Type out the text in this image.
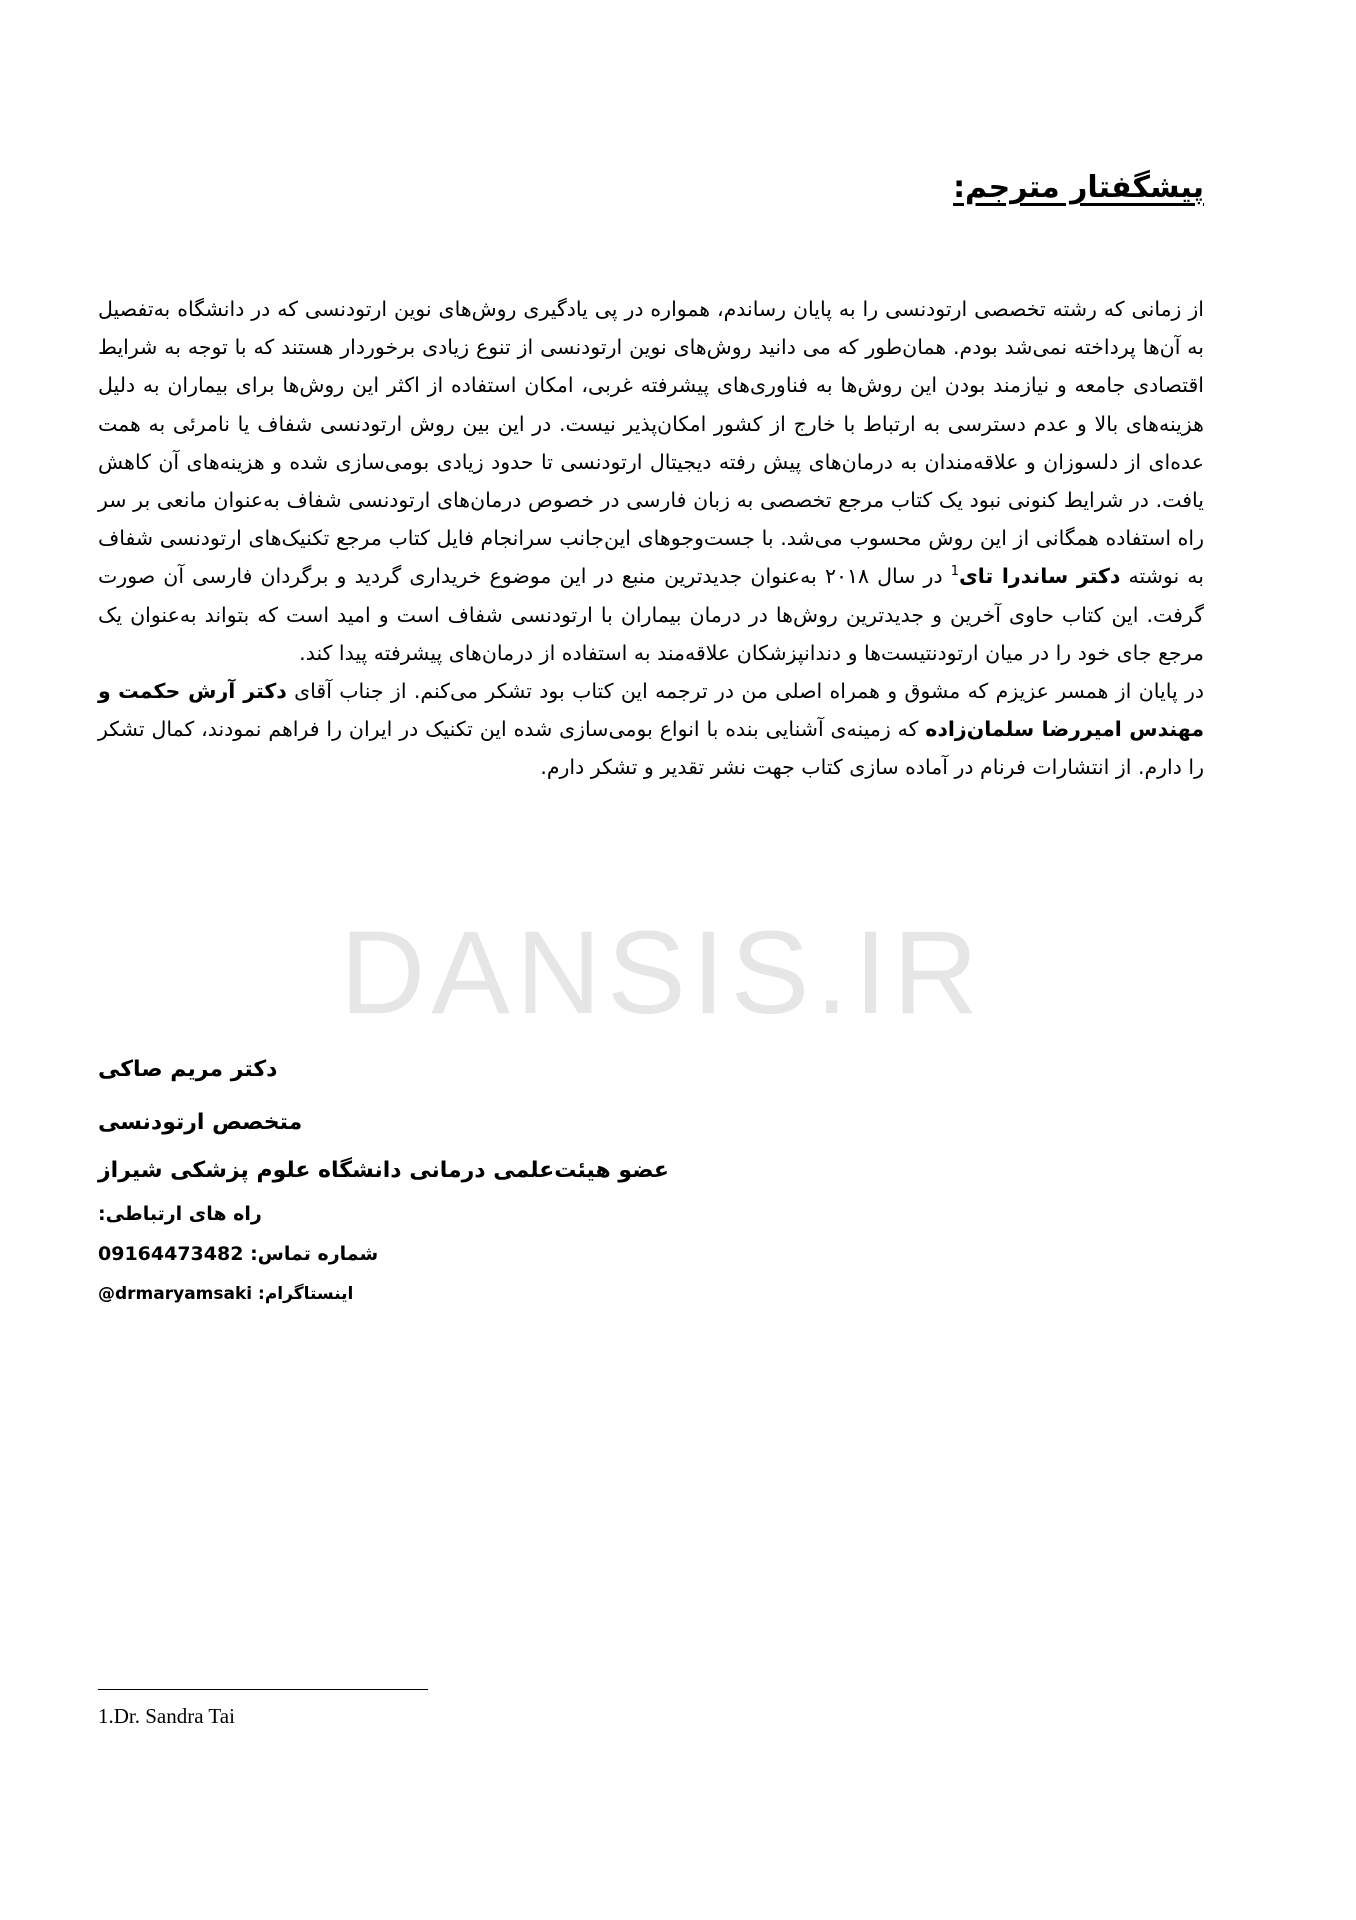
DANSIS.IR
پیشگفتار مترجم:

از زمانی که رشته تخصصی ارتودنسی را به پایان رساندم، همواره در پی یادگیری روش‌های نوین ارتودنسی که در دانشگاه به‌تفصیل به آن‌ها پرداخته نمی‌شد بودم. همان‌طور که می دانید روش‌های نوین ارتودنسی از تنوع زیادی برخوردار هستند که با توجه به شرایط اقتصادی جامعه و نیازمند بودن این روش‌ها به فناوری‌های پیشرفته غربی، امکان استفاده از اکثر این روش‌ها برای بیماران به دلیل هزینه‌های بالا و عدم دسترسی به ارتباط با خارج از کشور امکان‌پذیر نیست. در این بین روش ارتودنسی شفاف یا نامرئی به همت عده‌ای از دلسوزان و علاقه‌مندان به درمان‌های پیش رفته دیجیتال ارتودنسی تا حدود زیادی بومی‌سازی شده و هزینه‌های آن کاهش یافت. در شرایط کنونی نبود یک کتاب مرجع تخصصی به زبان فارسی در خصوص درمان‌های ارتودنسی شفاف به‌عنوان مانعی بر سر راه استفاده همگانی از این روش محسوب می‌شد. با جست‌وجوهای این‌جانب سرانجام فایل کتاب مرجع تکنیک‌های ارتودنسی شفاف به نوشته دکتر ساندرا تای$^1$ در سال ۲۰۱۸ به‌عنوان جدیدترین منبع در این موضوع خریداری گردید و برگردان فارسی آن صورت گرفت. این کتاب حاوی آخرین و جدیدترین روش‌ها در درمان بیماران با ارتودنسی شفاف است و امید است که بتواند به‌عنوان یک مرجع جای خود را در میان ارتودنتیست‌ها و دندانپزشکان علاقه‌مند به استفاده از درمان‌های پیشرفته پیدا کند.

در پایان از همسر عزیزم که مشوق و همراه اصلی من در ترجمه این کتاب بود تشکر می‌کنم. از جناب آقای دکتر آرش حکمت و مهندس امیررضا سلمان‌زاده که زمینه‌ی آشنایی بنده با انواع بومی‌سازی شده این تکنیک در ایران را فراهم نمودند، کمال تشکر را دارم. از انتشارات فرنام در آماده سازی کتاب جهت نشر تقدیر و تشکر دارم.

دکتر مریم صاکی
متخصص ارتودنسی
عضو هیئت‌علمی درمانی دانشگاه علوم پزشکی شیراز
راه های ارتباطی:
شماره تماس: 09164473482
اینستاگرام: @drmaryamsaki
1.Dr. Sandra Tai
